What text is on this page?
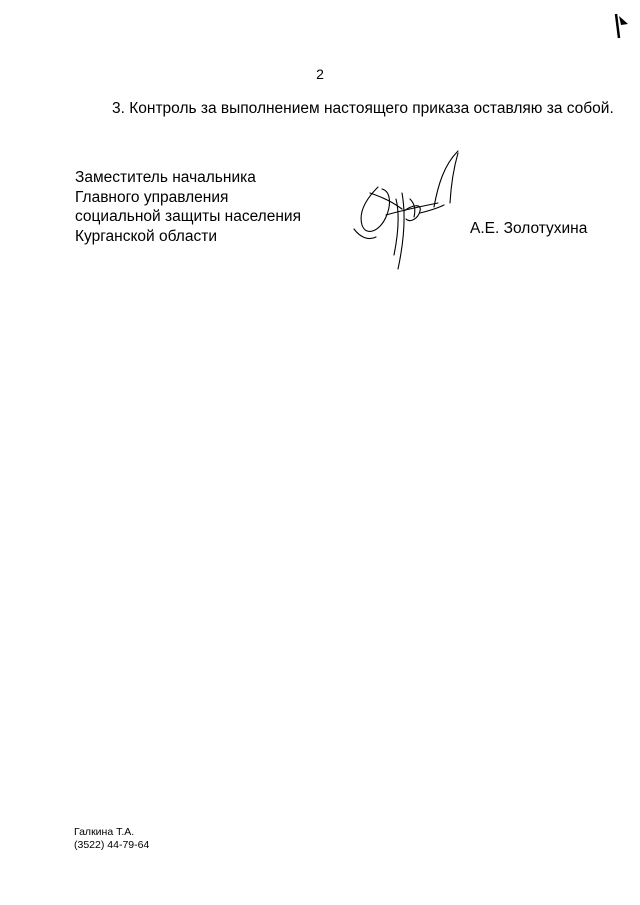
2
3. Контроль за выполнением настоящего приказа оставляю за собой.
Заместитель начальника
Главного управления
социальной защиты населения
Курганской области	А.Е. Золотухина
Галкина Т.А.
(3522) 44-79-64
